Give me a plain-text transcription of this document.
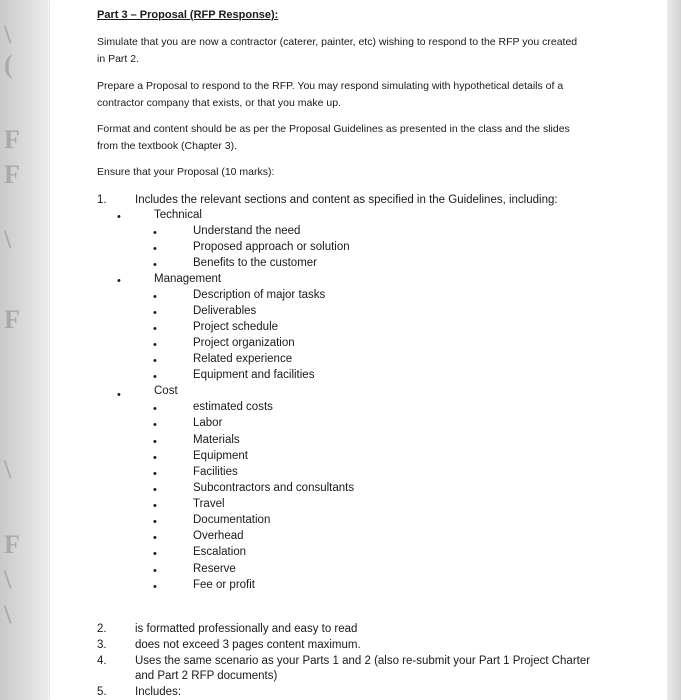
\
(
F
F
\
F
\
F
\
\
Part 3 – Proposal (RFP Response):
Simulate that you are now a contractor (caterer, painter, etc) wishing to respond to the RFP you created
in Part 2.
Prepare a Proposal to respond to the RFP. You may respond simulating with hypothetical details of a
contractor company that exists, or that you make up.
Format and content should be as per the Proposal Guidelines as presented in the class and the slides
from the textbook (Chapter 3).
Ensure that your Proposal (10 marks):
1. Includes the relevant sections and content as specified in the Guidelines, including:
•	Technical
•	Understand the need
•	Proposed approach or solution
•	Benefits to the customer
•	Management
•	Description of major tasks
•	Deliverables
•	Project schedule
•	Project organization
•	Related experience
•	Equipment and facilities
•	Cost
•	estimated costs
•	Labor
•	Materials
•	Equipment
•	Facilities
•	Subcontractors and consultants
•	Travel
•	Documentation
•	Overhead
•	Escalation
•	Reserve
•	Fee or profit
2. is formatted professionally and easy to read
3. does not exceed 3 pages content maximum.
4. Uses the same scenario as your Parts 1 and 2 (also re-submit your Part 1 Project Charter
and Part 2 RFP documents)
5. Includes:
